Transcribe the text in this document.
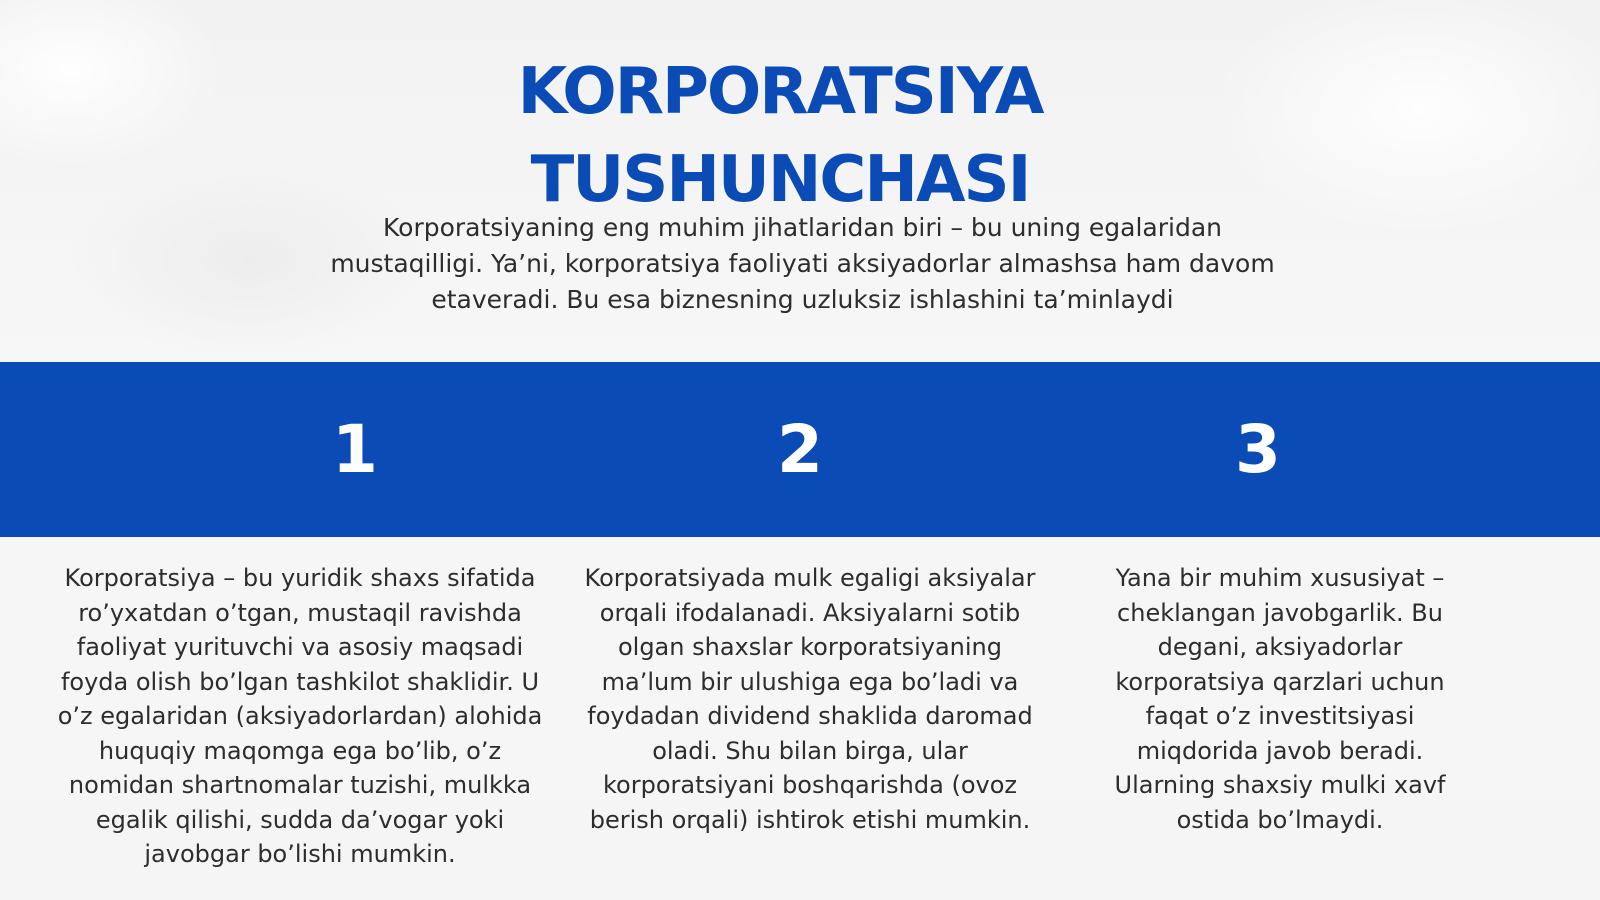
KORPORATSIYA
TUSHUNCHASI

Korporatsiyaning eng muhim jihatlaridan biri – bu uning egalaridan mustaqilligi. Ya’ni, korporatsiya faoliyati aksiyadorlar almashsa ham davom etaveradi. Bu esa biznesning uzluksiz ishlashini ta’minlaydi

1	2	3

Korporatsiya – bu yuridik shaxs sifatida ro’yxatdan o’tgan, mustaqil ravishda faoliyat yurituvchi va asosiy maqsadi foyda olish bo’lgan tashkilot shaklidir. U o’z egalaridan (aksiyadorlardan) alohida huquqiy maqomga ega bo’lib, o’z nomidan shartnomalar tuzishi, mulkka egalik qilishi, sudda da’vogar yoki javobgar bo’lishi mumkin.

Korporatsiyada mulk egaligi aksiyalar orqali ifodalanadi. Aksiyalarni sotib olgan shaxslar korporatsiyaning ma’lum bir ulushiga ega bo’ladi va foydadan dividend shaklida daromad oladi. Shu bilan birga, ular korporatsiyani boshqarishda (ovoz berish orqali) ishtirok etishi mumkin.

Yana bir muhim xususiyat – cheklangan javobgarlik. Bu degani, aksiyadorlar korporatsiya qarzlari uchun faqat o’z investitsiyasi miqdorida javob beradi. Ularning shaxsiy mulki xavf ostida bo’lmaydi.
